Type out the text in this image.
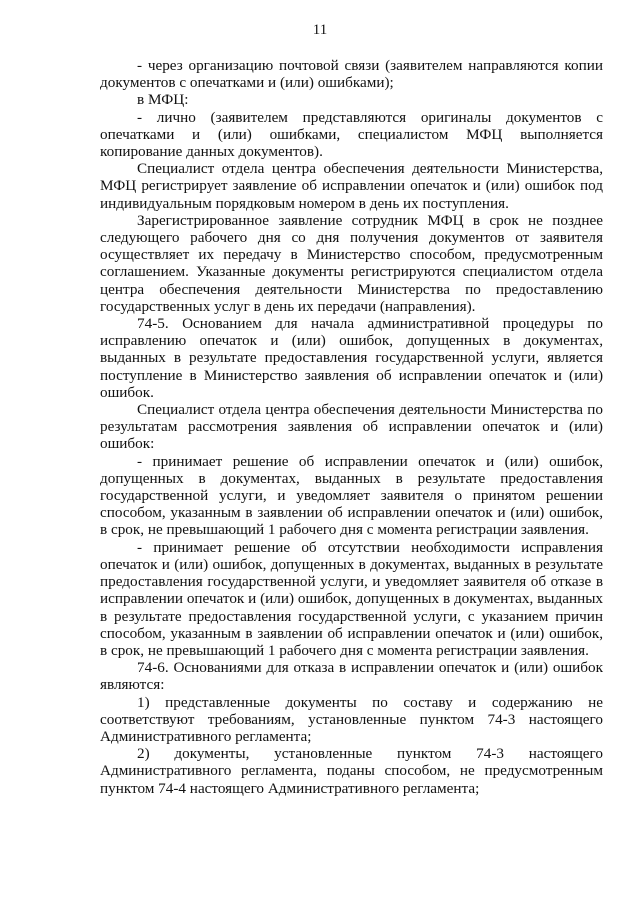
11

- через организацию почтовой связи (заявителем направляются копии документов с опечатками и (или) ошибками);

в МФЦ:

- лично (заявителем представляются оригиналы документов с опечатками и (или) ошибками, специалистом МФЦ выполняется копирование данных документов).

Специалист отдела центра обеспечения деятельности Министерства, МФЦ регистрирует заявление об исправлении опечаток и (или) ошибок под индивидуальным порядковым номером в день их поступления.

Зарегистрированное заявление сотрудник МФЦ в срок не позднее следующего рабочего дня со дня получения документов от заявителя осуществляет их передачу в Министерство способом, предусмотренным соглашением. Указанные документы регистрируются специалистом отдела центра обеспечения деятельности Министерства по предоставлению государственных услуг в день их передачи (направления).

74-5. Основанием для начала административной процедуры по исправлению опечаток и (или) ошибок, допущенных в документах, выданных в результате предоставления государственной услуги, является поступление в Министерство заявления об исправлении опечаток и (или) ошибок.

Специалист отдела центра обеспечения деятельности Министерства по результатам рассмотрения заявления об исправлении опечаток и (или) ошибок:

- принимает решение об исправлении опечаток и (или) ошибок, допущенных в документах, выданных в результате предоставления государственной услуги, и уведомляет заявителя о принятом решении способом, указанным в заявлении об исправлении опечаток и (или) ошибок, в срок, не превышающий 1 рабочего дня с момента регистрации заявления.

- принимает решение об отсутствии необходимости исправления опечаток и (или) ошибок, допущенных в документах, выданных в результате предоставления государственной услуги, и уведомляет заявителя об отказе в исправлении опечаток и (или) ошибок, допущенных в документах, выданных в результате предоставления государственной услуги, с указанием причин способом, указанным в заявлении об исправлении опечаток и (или) ошибок, в срок, не превышающий 1 рабочего дня с момента регистрации заявления.

74-6. Основаниями для отказа в исправлении опечаток и (или) ошибок являются:

1) представленные документы по составу и содержанию не соответствуют требованиям, установленные пунктом 74-3 настоящего Административного регламента;

2) документы, установленные пунктом 74-3 настоящего Административного регламента, поданы способом, не предусмотренным пунктом 74-4 настоящего Административного регламента;
